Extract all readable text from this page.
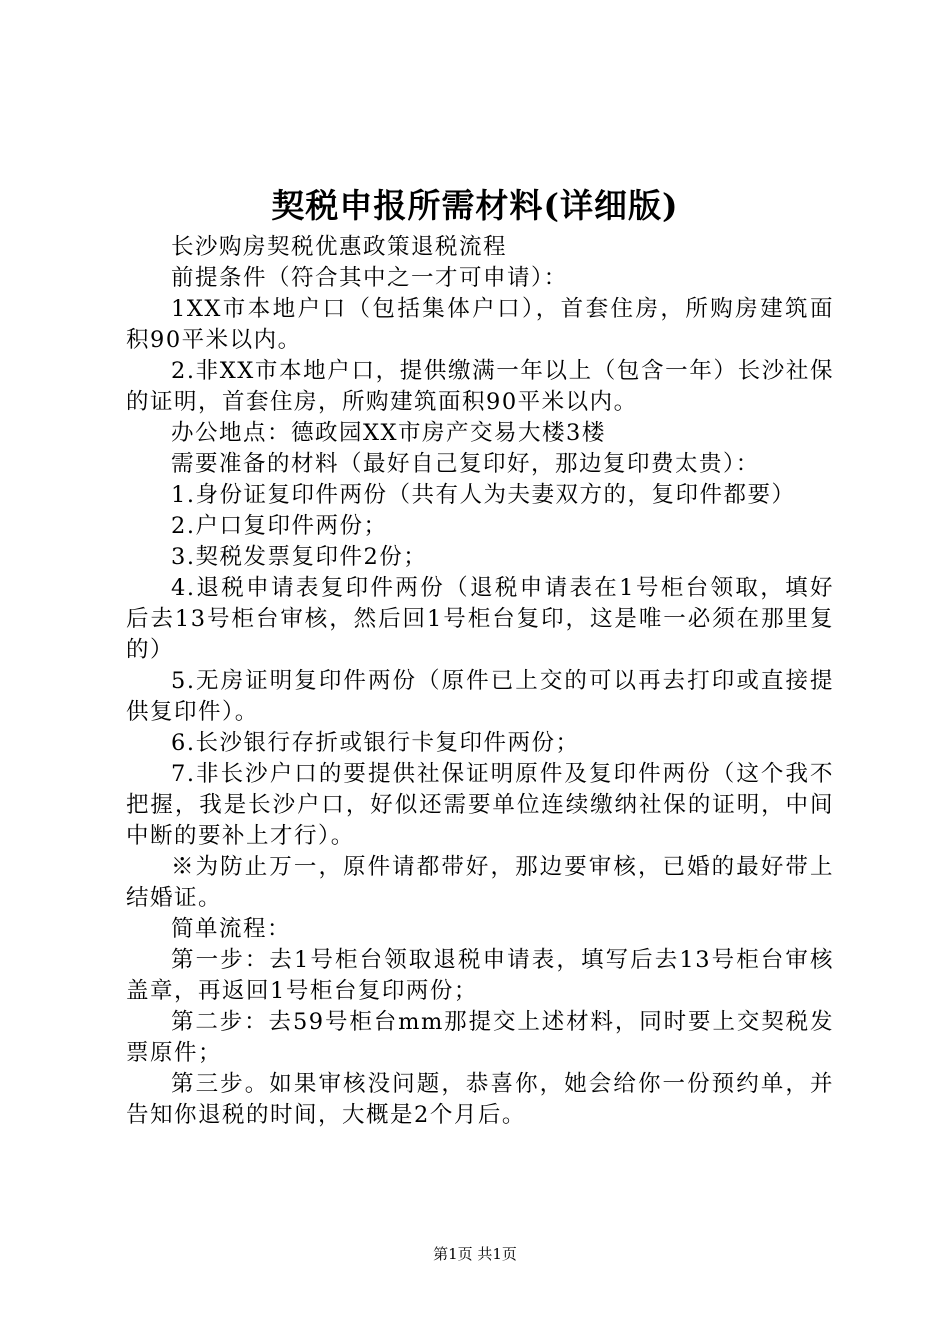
契税申报所需材料(详细版)

长沙购房契税优惠政策退税流程

前提条件（符合其中之一才可申请）：

1XX市本地户口（包括集体户口），首套住房，所购房建筑面积90平米以内。

2.非XX市本地户口，提供缴满一年以上（包含一年）长沙社保的证明，首套住房，所购建筑面积90平米以内。

办公地点：德政园XX市房产交易大楼3楼

需要准备的材料（最好自己复印好，那边复印费太贵）：

1.身份证复印件两份（共有人为夫妻双方的，复印件都要）

2.户口复印件两份；

3.契税发票复印件2份；

4.退税申请表复印件两份（退税申请表在1号柜台领取，填好后去13号柜台审核，然后回1号柜台复印，这是唯一必须在那里复的）

5.无房证明复印件两份（原件已上交的可以再去打印或直接提供复印件）。

6.长沙银行存折或银行卡复印件两份；

7.非长沙户口的要提供社保证明原件及复印件两份（这个我不把握，我是长沙户口，好似还需要单位连续缴纳社保的证明，中间中断的要补上才行）。

※为防止万一，原件请都带好，那边要审核，已婚的最好带上结婚证。

简单流程：

第一步：去1号柜台领取退税申请表，填写后去13号柜台审核盖章，再返回1号柜台复印两份；

第二步：去59号柜台mm那提交上述材料，同时要上交契税发票原件；

第三步。如果审核没问题，恭喜你，她会给你一份预约单，并告知你退税的时间，大概是2个月后。

第1页 共1页
